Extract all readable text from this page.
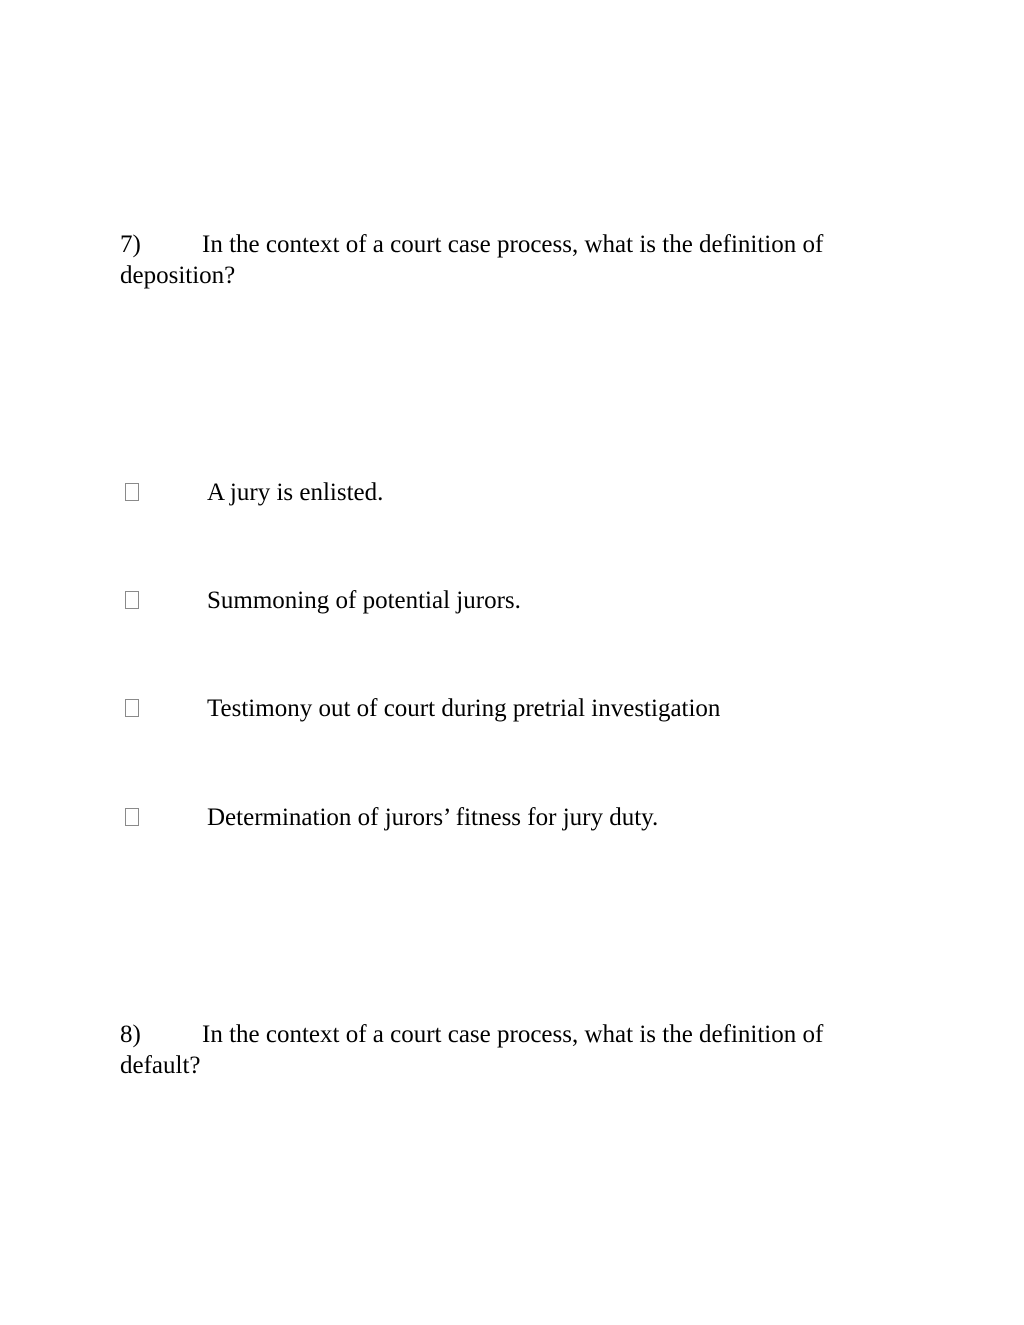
7) In the context of a court case process, what is the definition of
deposition?
A jury is enlisted.
Summoning of potential jurors.
Testimony out of court during pretrial investigation
Determination of jurors’ fitness for jury duty.
8) In the context of a court case process, what is the definition of
default?
